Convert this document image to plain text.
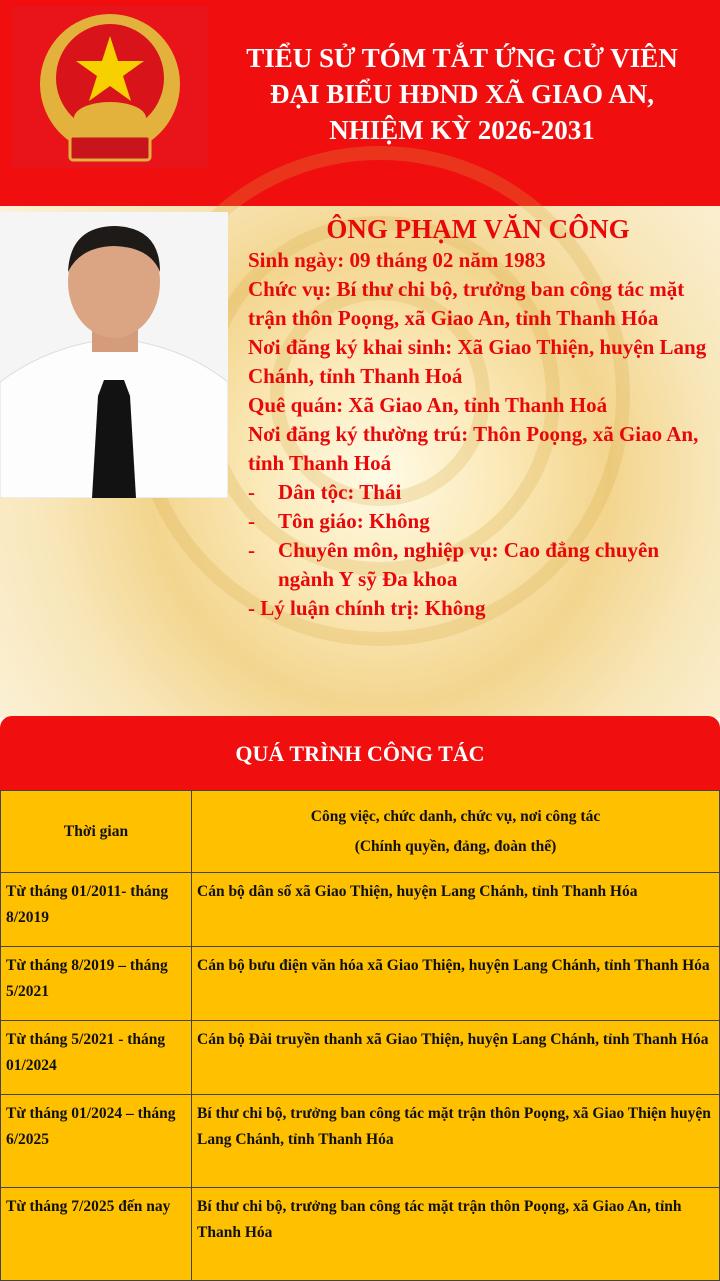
TIỂU SỬ TÓM TẮT ỨNG CỬ VIÊN
ĐẠI BIỂU HĐND XÃ GIAO AN,
NHIỆM KỲ 2026-2031
ÔNG PHẠM VĂN CÔNG
Sinh ngày: 09 tháng 02 năm 1983
Chức vụ: Bí thư chi bộ, trưởng ban công tác mặt trận thôn Poọng, xã Giao An, tỉnh Thanh Hóa
Nơi đăng ký khai sinh: Xã Giao Thiện, huyện Lang Chánh, tỉnh Thanh Hoá
Quê quán: Xã Giao An, tỉnh Thanh Hoá
Nơi đăng ký thường trú: Thôn Poọng, xã Giao An, tỉnh Thanh Hoá
-	Dân tộc: Thái
-	Tôn giáo: Không
-	Chuyên môn, nghiệp vụ: Cao đẳng chuyên ngành Y sỹ Đa khoa
- Lý luận chính trị: Không
QUÁ TRÌNH CÔNG TÁC
Thời gian	Công việc, chức danh, chức vụ, nơi công tác
(Chính quyền, đảng, đoàn thể)

Từ tháng 01/2011- tháng 8/2019	Cán bộ dân số xã Giao Thiện, huyện Lang Chánh, tỉnh Thanh Hóa
Từ tháng 8/2019 – tháng 5/2021	Cán bộ bưu điện văn hóa xã Giao Thiện, huyện Lang Chánh, tỉnh Thanh Hóa
Từ tháng 5/2021 - tháng 01/2024	Cán bộ Đài truyền thanh xã Giao Thiện, huyện Lang Chánh, tỉnh Thanh Hóa
Từ tháng 01/2024 – tháng 6/2025	Bí thư chi bộ, trưởng ban công tác mặt trận thôn Poọng, xã Giao Thiện huyện Lang Chánh, tỉnh Thanh Hóa
Từ tháng 7/2025 đến nay	Bí thư chi bộ, trưởng ban công tác mặt trận thôn Poọng, xã Giao An, tỉnh Thanh Hóa
